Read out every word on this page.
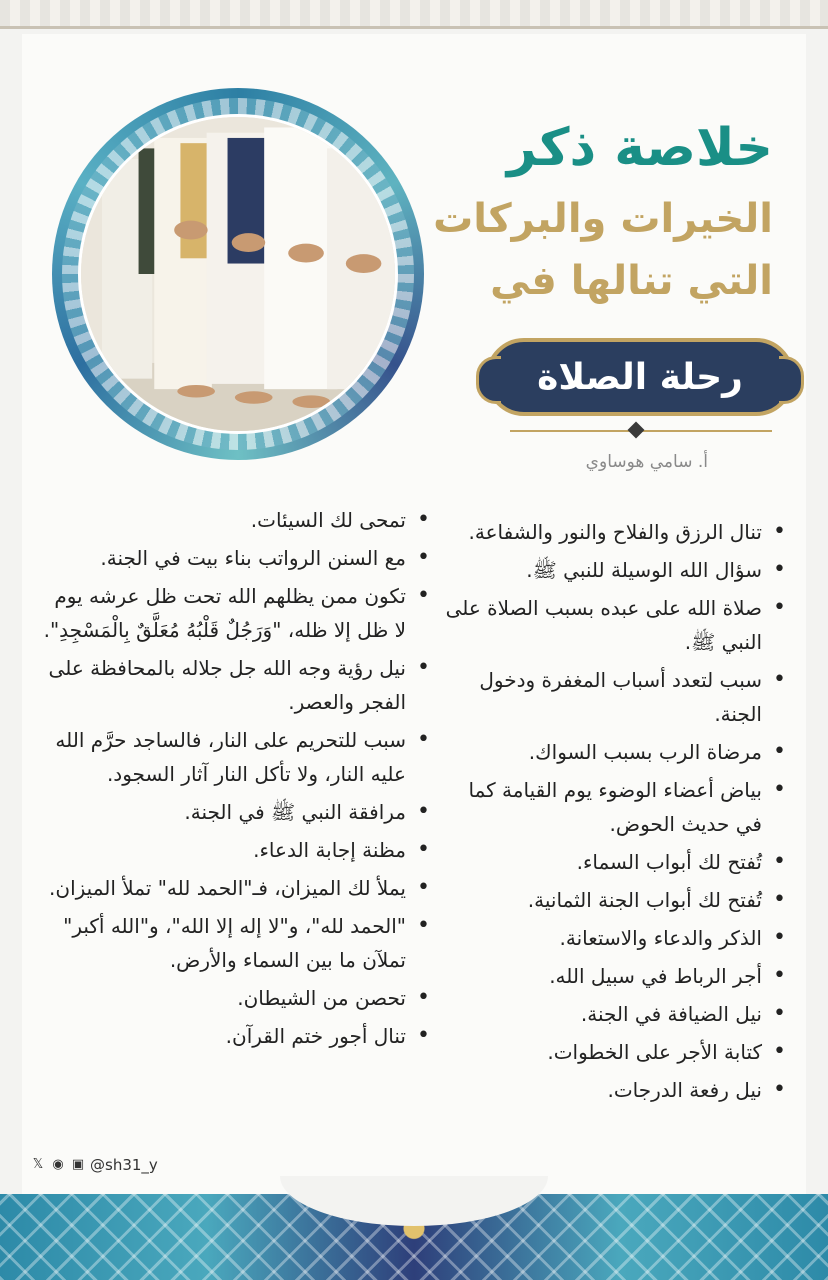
خلاصة ذكر
الخيرات والبركات
التي تنالها في
رحلة الصلاة
أ. سامي هوساوي
• تنال الرزق والفلاح والنور والشفاعة.
• سؤال الله الوسيلة للنبي ﷺ.
• صلاة الله على عبده بسبب الصلاة على النبي ﷺ.
• سبب لتعدد أسباب المغفرة ودخول الجنة.
• مرضاة الرب بسبب السواك.
• بياض أعضاء الوضوء يوم القيامة كما في حديث الحوض.
• تُفتح لك أبواب السماء.
• تُفتح لك أبواب الجنة الثمانية.
• الذكر والدعاء والاستعانة.
• أجر الرباط في سبيل الله.
• نيل الضيافة في الجنة.
• كتابة الأجر على الخطوات.
• نيل رفعة الدرجات.
• تمحى لك السيئات.
• مع السنن الرواتب بناء بيت في الجنة.
• تكون ممن يظلهم الله تحت ظل عرشه يوم لا ظل إلا ظله، "وَرَجُلٌ قَلْبُهُ مُعَلَّقٌ بِالْمَسْجِدِ".
• نيل رؤية وجه الله جل جلاله بالمحافظة على الفجر والعصر.
• سبب للتحريم على النار، فالساجد حرَّم الله عليه النار، ولا تأكل النار آثار السجود.
• مرافقة النبي ﷺ في الجنة.
• مظنة إجابة الدعاء.
• يملأ لك الميزان، فـ"الحمد لله" تملأ الميزان.
• "الحمد لله"، و"لا إله إلا الله"، و"الله أكبر" تملآن ما بين السماء والأرض.
• تحصن من الشيطان.
• تنال أجور ختم القرآن.
𝕏 ◉ ▣ @sh31_y
